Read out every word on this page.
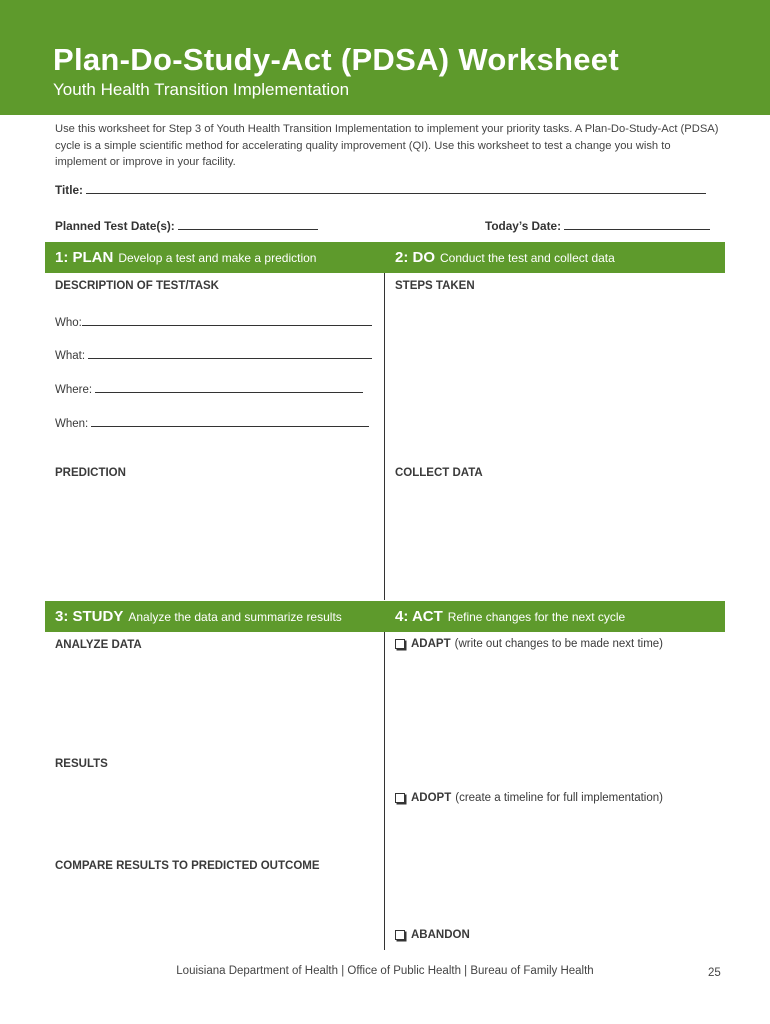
Plan-Do-Study-Act (PDSA) Worksheet
Youth Health Transition Implementation
Use this worksheet for Step 3 of Youth Health Transition Implementation to implement your priority tasks. A Plan-Do-Study-Act (PDSA) cycle is a simple scientific method for accelerating quality improvement (QI). Use this worksheet to test a change you wish to implement or improve in your facility.
Title:
Planned Test Date(s):	Today’s Date:
1: PLAN Develop a test and make a prediction	2: DO Conduct the test and collect data
DESCRIPTION OF TEST/TASK
Who:
What:
Where:
When:
PREDICTION
STEPS TAKEN
COLLECT DATA
3: STUDY Analyze the data and summarize results	4: ACT Refine changes for the next cycle
ANALYZE DATA
RESULTS
COMPARE RESULTS TO PREDICTED OUTCOME
ADAPT (write out changes to be made next time)
ADOPT (create a timeline for full implementation)
ABANDON
Louisiana Department of Health | Office of Public Health | Bureau of Family Health	25
